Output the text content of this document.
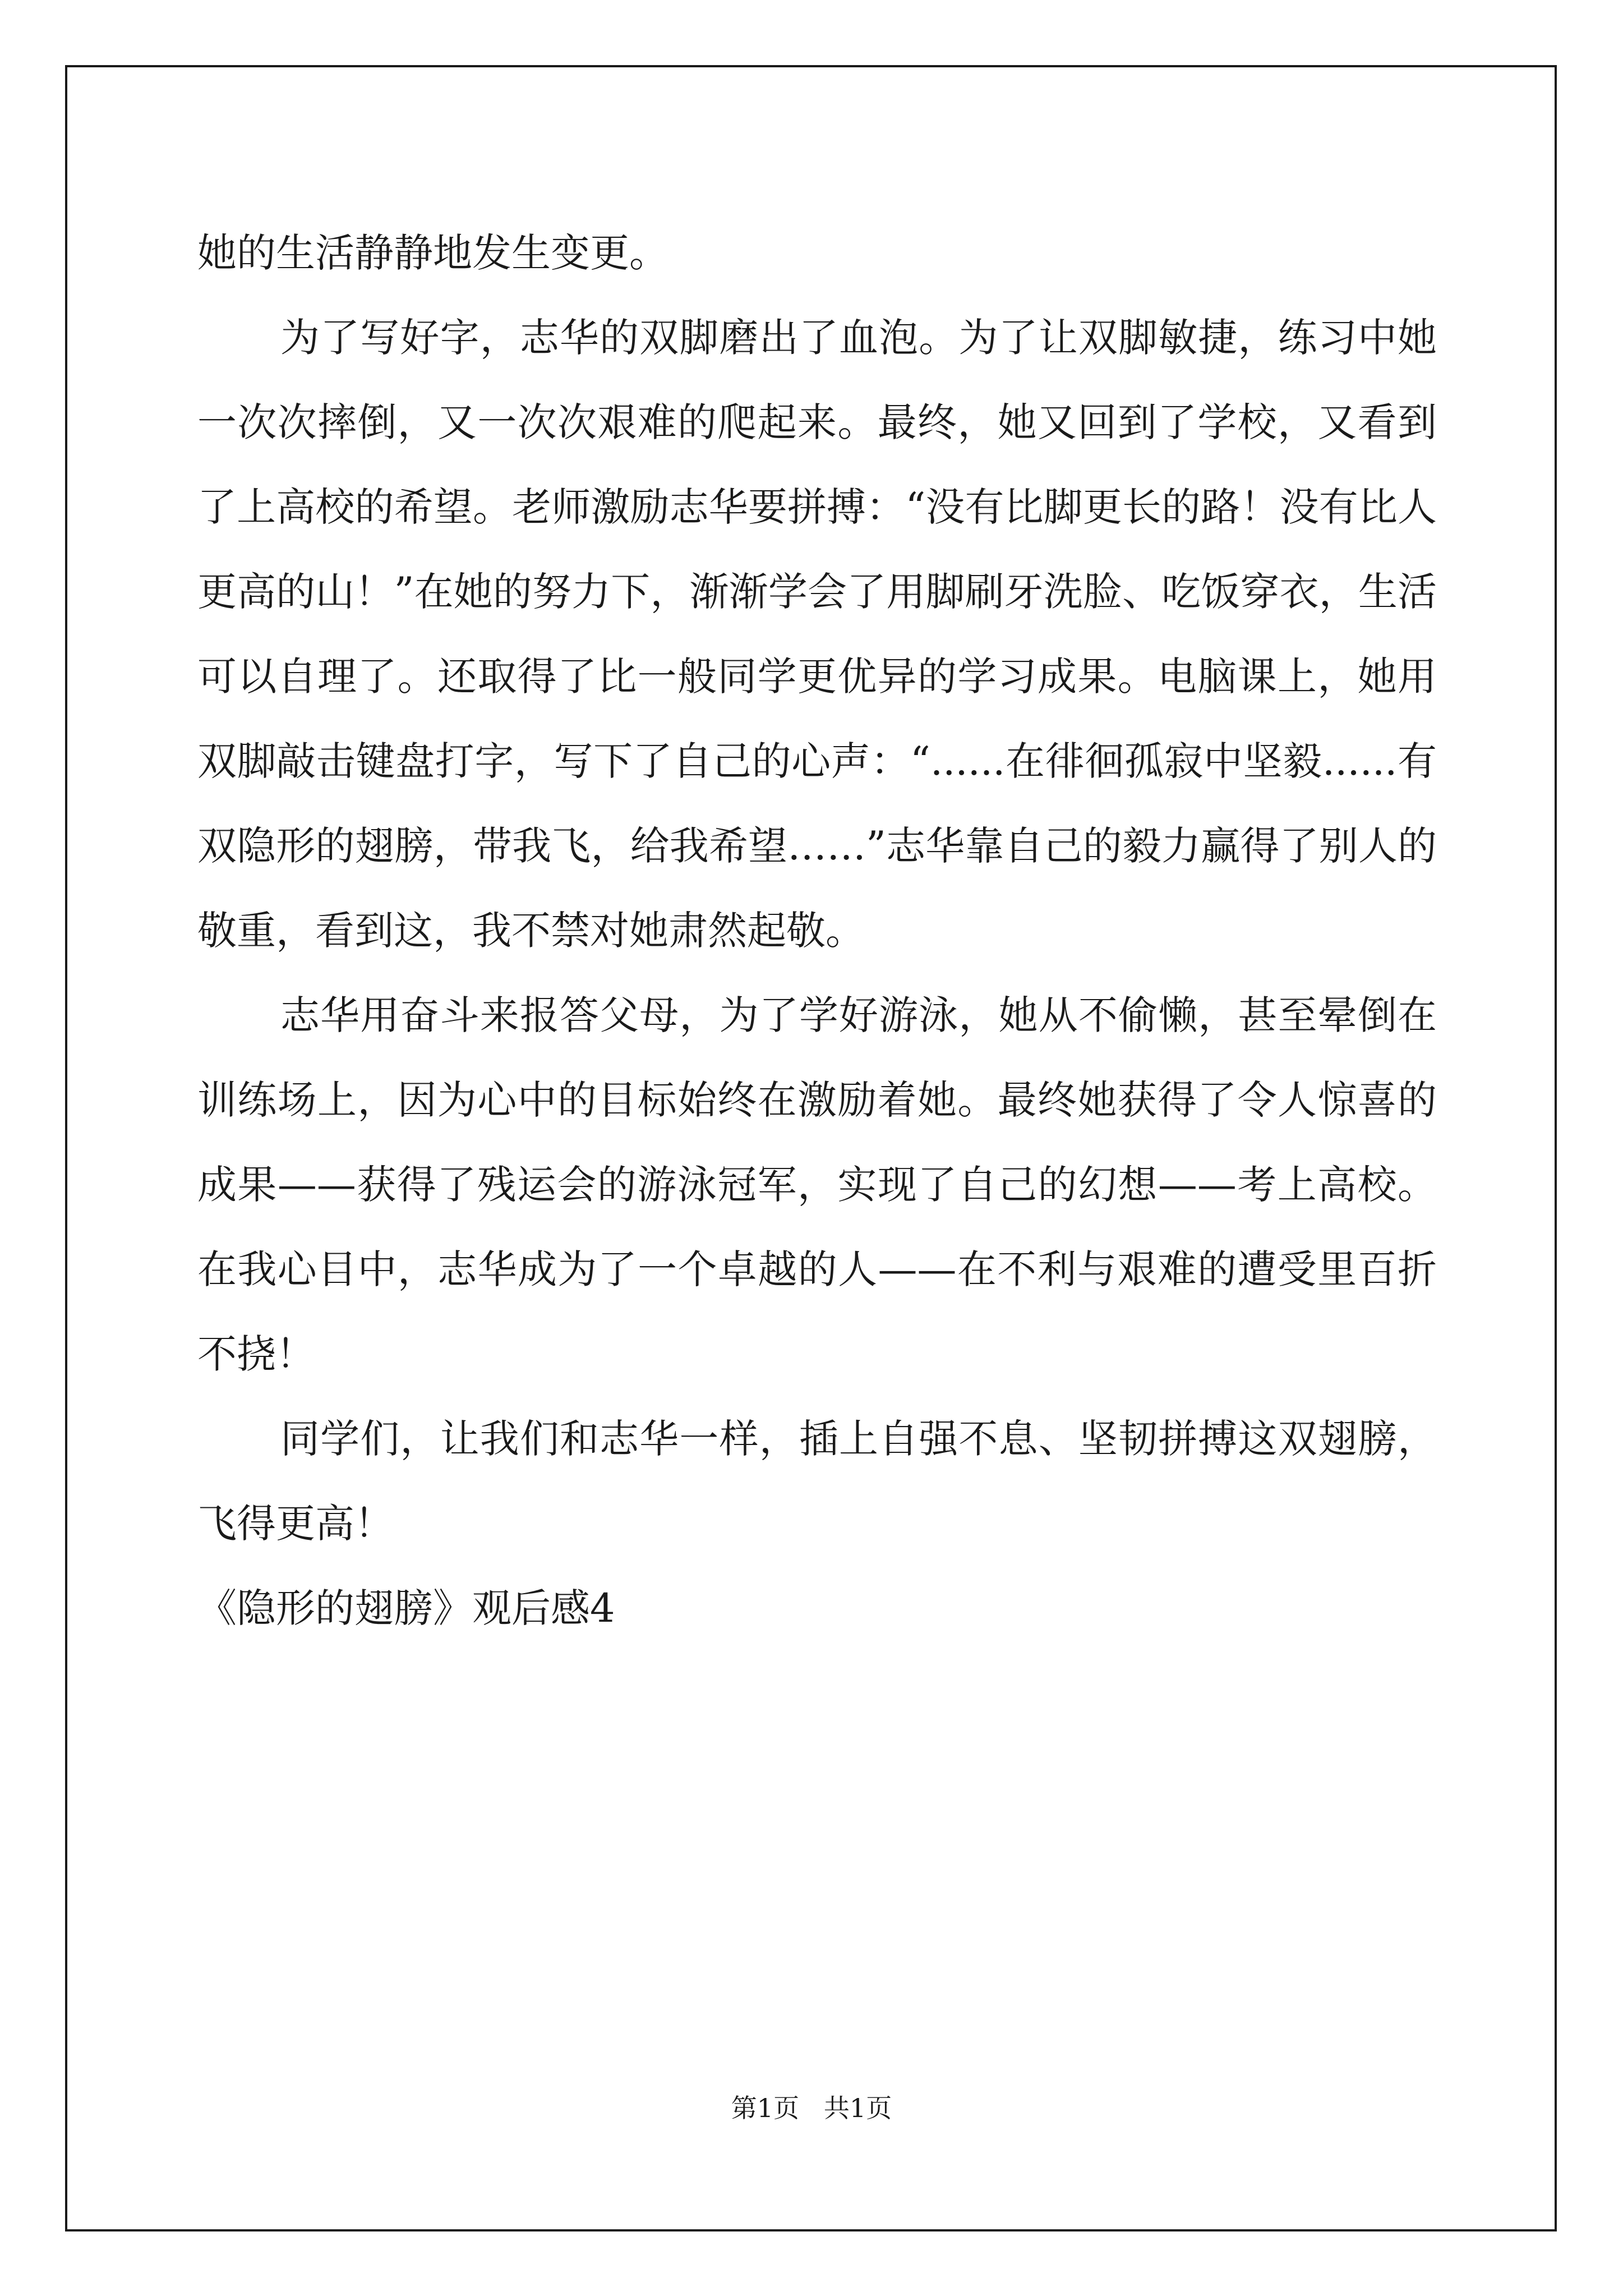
她的生活静静地发生变更。

为了写好字，志华的双脚磨出了血泡。为了让双脚敏捷，练习中她一次次摔倒，又一次次艰难的爬起来。最终，她又回到了学校，又看到了上高校的希望。老师激励志华要拼搏：“没有比脚更长的路！没有比人更高的山！”在她的努力下，渐渐学会了用脚刷牙洗脸、吃饭穿衣，生活可以自理了。还取得了比一般同学更优异的学习成果。电脑课上，她用双脚敲击键盘打字，写下了自己的心声：“......在徘徊孤寂中坚毅......有双隐形的翅膀，带我飞，给我希望……”志华靠自己的毅力赢得了别人的敬重，看到这，我不禁对她肃然起敬。

志华用奋斗来报答父母，为了学好游泳，她从不偷懒，甚至晕倒在训练场上，因为心中的目标始终在激励着她。最终她获得了令人惊喜的成果——获得了残运会的游泳冠军，实现了自己的幻想——考上高校。在我心目中，志华成为了一个卓越的人——在不利与艰难的遭受里百折不挠！

同学们，让我们和志华一样，插上自强不息、坚韧拼搏这双翅膀，飞得更高！

《隐形的翅膀》观后感4

第1页   共1页
